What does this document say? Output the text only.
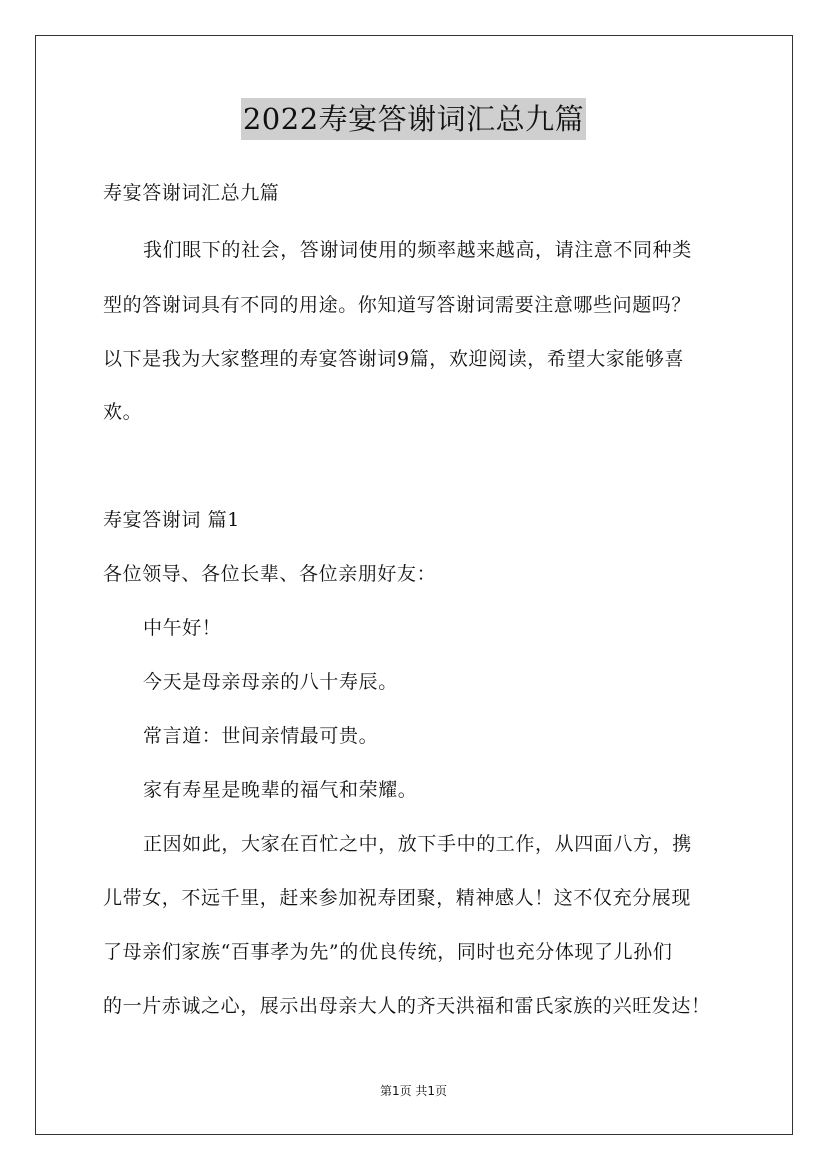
2022寿宴答谢词汇总九篇
寿宴答谢词汇总九篇
我们眼下的社会，答谢词使用的频率越来越高，请注意不同种类
型的答谢词具有不同的用途。你知道写答谢词需要注意哪些问题吗？
以下是我为大家整理的寿宴答谢词9篇，欢迎阅读，希望大家能够喜
欢。
寿宴答谢词 篇1
各位领导、各位长辈、各位亲朋好友：
中午好！
今天是母亲母亲的八十寿辰。
常言道：世间亲情最可贵。
家有寿星是晚辈的福气和荣耀。
正因如此，大家在百忙之中，放下手中的工作，从四面八方，携
儿带女，不远千里，赶来参加祝寿团聚，精神感人！这不仅充分展现
了母亲们家族“百事孝为先”的优良传统，同时也充分体现了儿孙们
的一片赤诚之心，展示出母亲大人的齐天洪福和雷氏家族的兴旺发达！
第1页 共1页
